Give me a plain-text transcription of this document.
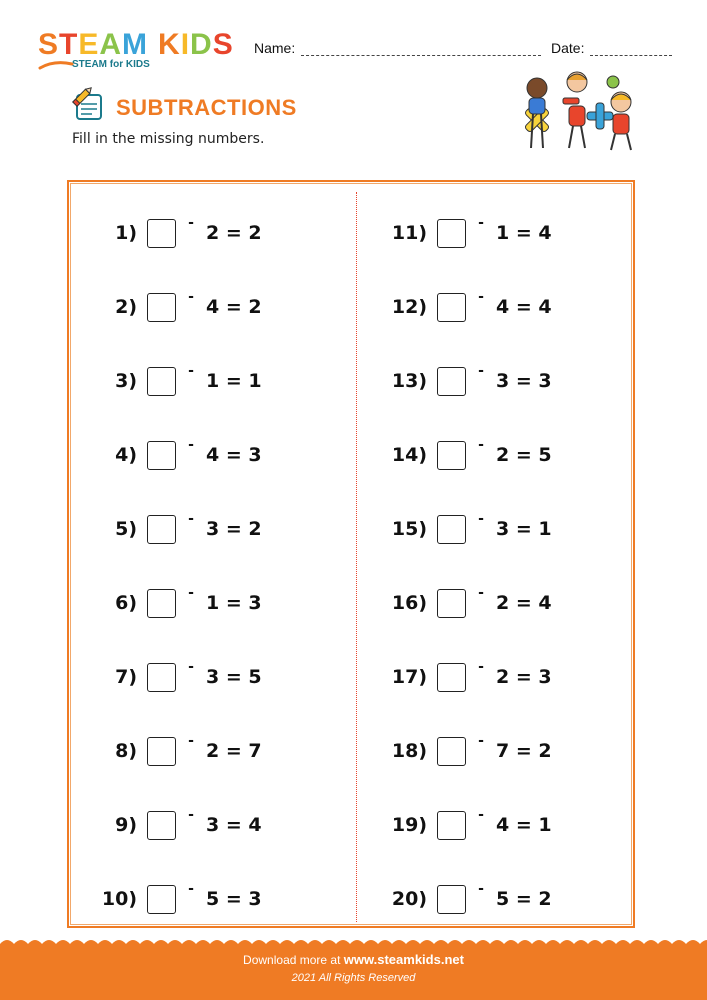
STEAM KIDS
STEAM for KIDS
Name:	Date:
SUBTRACTIONS
Fill in the missing numbers.
1)	- 2 = 2
2)	- 4 = 2
3)	- 1 = 1
4)	- 4 = 3
5)	- 3 = 2
6)	- 1 = 3
7)	- 3 = 5
8)	- 2 = 7
9)	- 3 = 4
10)	- 5 = 3
11)	- 1 = 4
12)	- 4 = 4
13)	- 3 = 3
14)	- 2 = 5
15)	- 3 = 1
16)	- 2 = 4
17)	- 2 = 3
18)	- 7 = 2
19)	- 4 = 1
20)	- 5 = 2
Download more at www.steamkids.net
2021 All Rights Reserved
